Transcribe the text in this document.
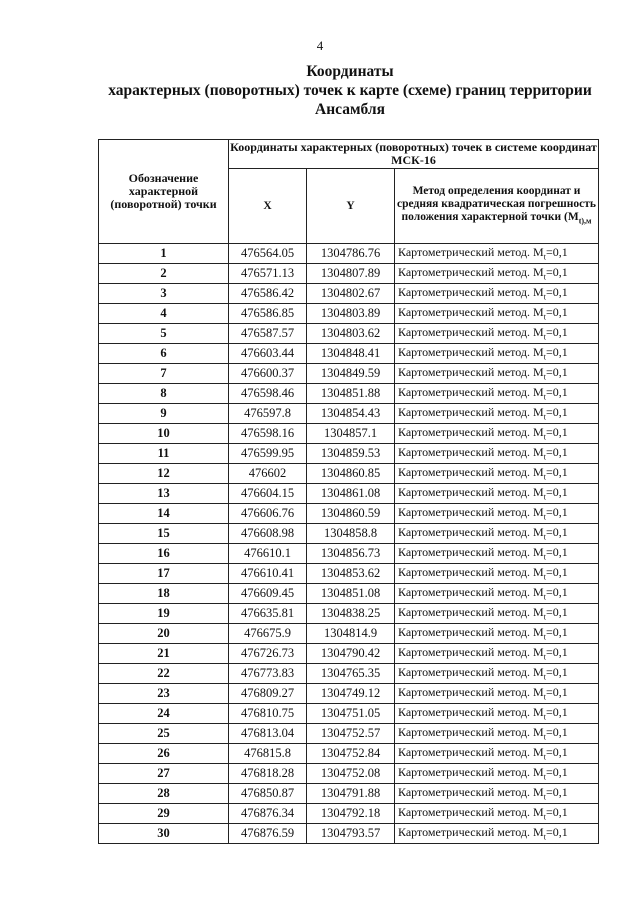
4
Координаты
характерных (поворотных) точек к карте (схеме) границ территории
Ансамбля
Обозначение характерной (поворотной) точки	Координаты характерных (поворотных) точек в системе координат МСК-16		
	X	Y	Метод определения координат и средняя квадратическая погрешность положения характерной точки ($М_{t),м}$
1	476564.05	1304786.76	Картометрический метод. $М_t=0,1$
2	476571.13	1304807.89	Картометрический метод. $М_t=0,1$
3	476586.42	1304802.67	Картометрический метод. $М_t=0,1$
4	476586.85	1304803.89	Картометрический метод. $М_t=0,1$
5	476587.57	1304803.62	Картометрический метод. $М_t=0,1$
6	476603.44	1304848.41	Картометрический метод. $М_t=0,1$
7	476600.37	1304849.59	Картометрический метод. $М_t=0,1$
8	476598.46	1304851.88	Картометрический метод. $М_t=0,1$
9	476597.8	1304854.43	Картометрический метод. $М_t=0,1$
10	476598.16	1304857.1	Картометрический метод. $М_t=0,1$
11	476599.95	1304859.53	Картометрический метод. $М_t=0,1$
12	476602	1304860.85	Картометрический метод. $М_t=0,1$
13	476604.15	1304861.08	Картометрический метод. $М_t=0,1$
14	476606.76	1304860.59	Картометрический метод. $М_t=0,1$
15	476608.98	1304858.8	Картометрический метод. $М_t=0,1$
16	476610.1	1304856.73	Картометрический метод. $М_t=0,1$
17	476610.41	1304853.62	Картометрический метод. $М_t=0,1$
18	476609.45	1304851.08	Картометрический метод. $М_t=0,1$
19	476635.81	1304838.25	Картометрический метод. $М_t=0,1$
20	476675.9	1304814.9	Картометрический метод. $М_t=0,1$
21	476726.73	1304790.42	Картометрический метод. $М_t=0,1$
22	476773.83	1304765.35	Картометрический метод. $М_t=0,1$
23	476809.27	1304749.12	Картометрический метод. $М_t=0,1$
24	476810.75	1304751.05	Картометрический метод. $М_t=0,1$
25	476813.04	1304752.57	Картометрический метод. $М_t=0,1$
26	476815.8	1304752.84	Картометрический метод. $М_t=0,1$
27	476818.28	1304752.08	Картометрический метод. $М_t=0,1$
28	476850.87	1304791.88	Картометрический метод. $М_t=0,1$
29	476876.34	1304792.18	Картометрический метод. $М_t=0,1$
30	476876.59	1304793.57	Картометрический метод. $М_t=0,1$
